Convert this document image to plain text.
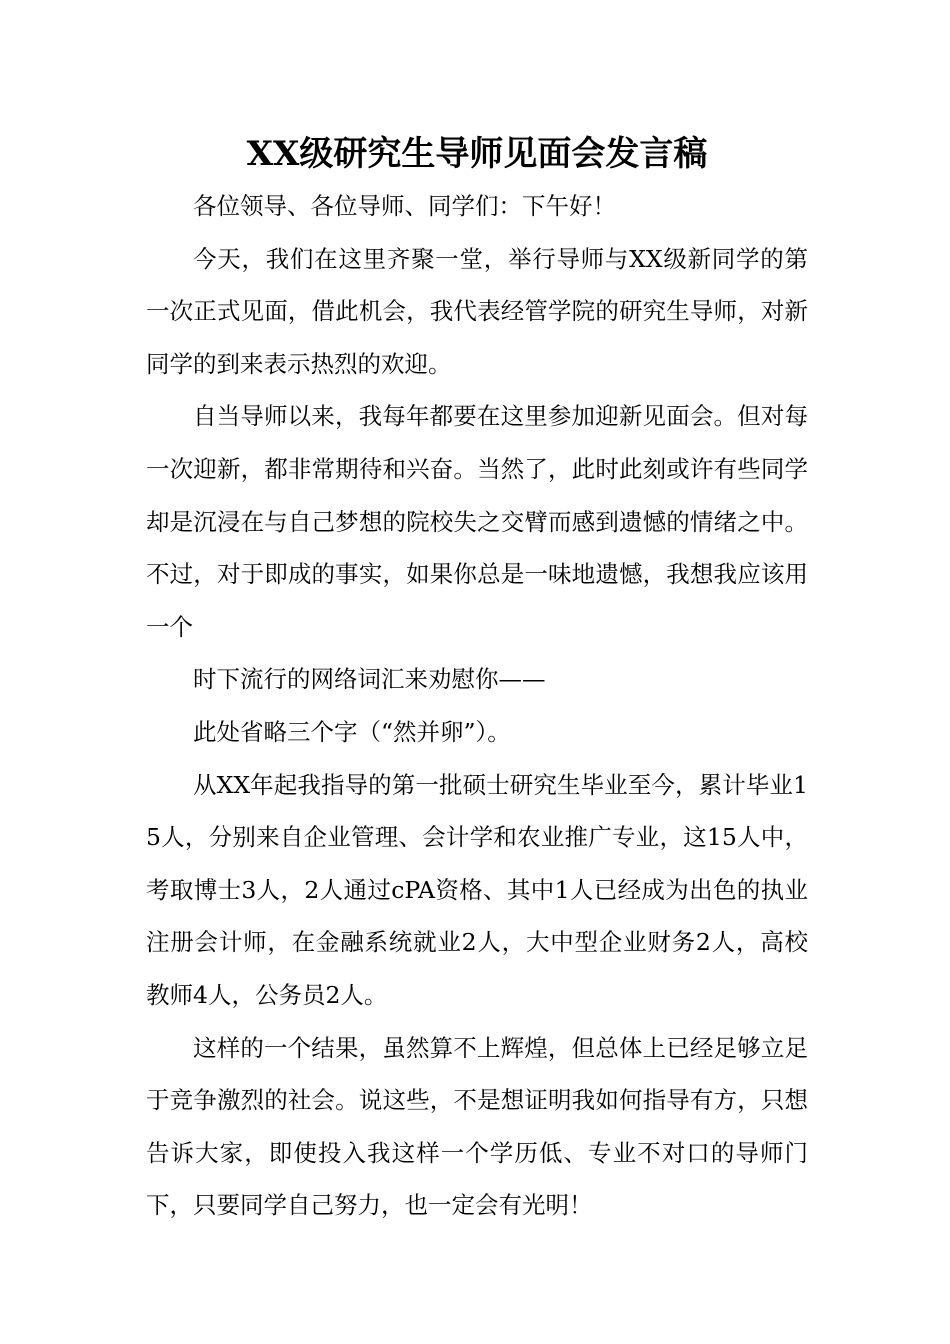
XX级研究生导师见面会发言稿

各位领导、各位导师、同学们：下午好！

今天，我们在这里齐聚一堂，举行导师与XX级新同学的第一次正式见面，借此机会，我代表经管学院的研究生导师，对新同学的到来表示热烈的欢迎。

自当导师以来，我每年都要在这里参加迎新见面会。但对每一次迎新，都非常期待和兴奋。当然了，此时此刻或许有些同学却是沉浸在与自己梦想的院校失之交臂而感到遗憾的情绪之中。不过，对于即成的事实，如果你总是一味地遗憾，我想我应该用一个

时下流行的网络词汇来劝慰你——

此处省略三个字（“然并卵”）。

从XX年起我指导的第一批硕士研究生毕业至今，累计毕业15人，分别来自企业管理、会计学和农业推广专业，这15人中，考取博士3人，2人通过cPA资格、其中1人已经成为出色的执业注册会计师，在金融系统就业2人，大中型企业财务2人，高校教师4人，公务员2人。

这样的一个结果，虽然算不上辉煌，但总体上已经足够立足于竞争激烈的社会。说这些，不是想证明我如何指导有方，只想告诉大家，即使投入我这样一个学历低、专业不对口的导师门下，只要同学自己努力，也一定会有光明！
